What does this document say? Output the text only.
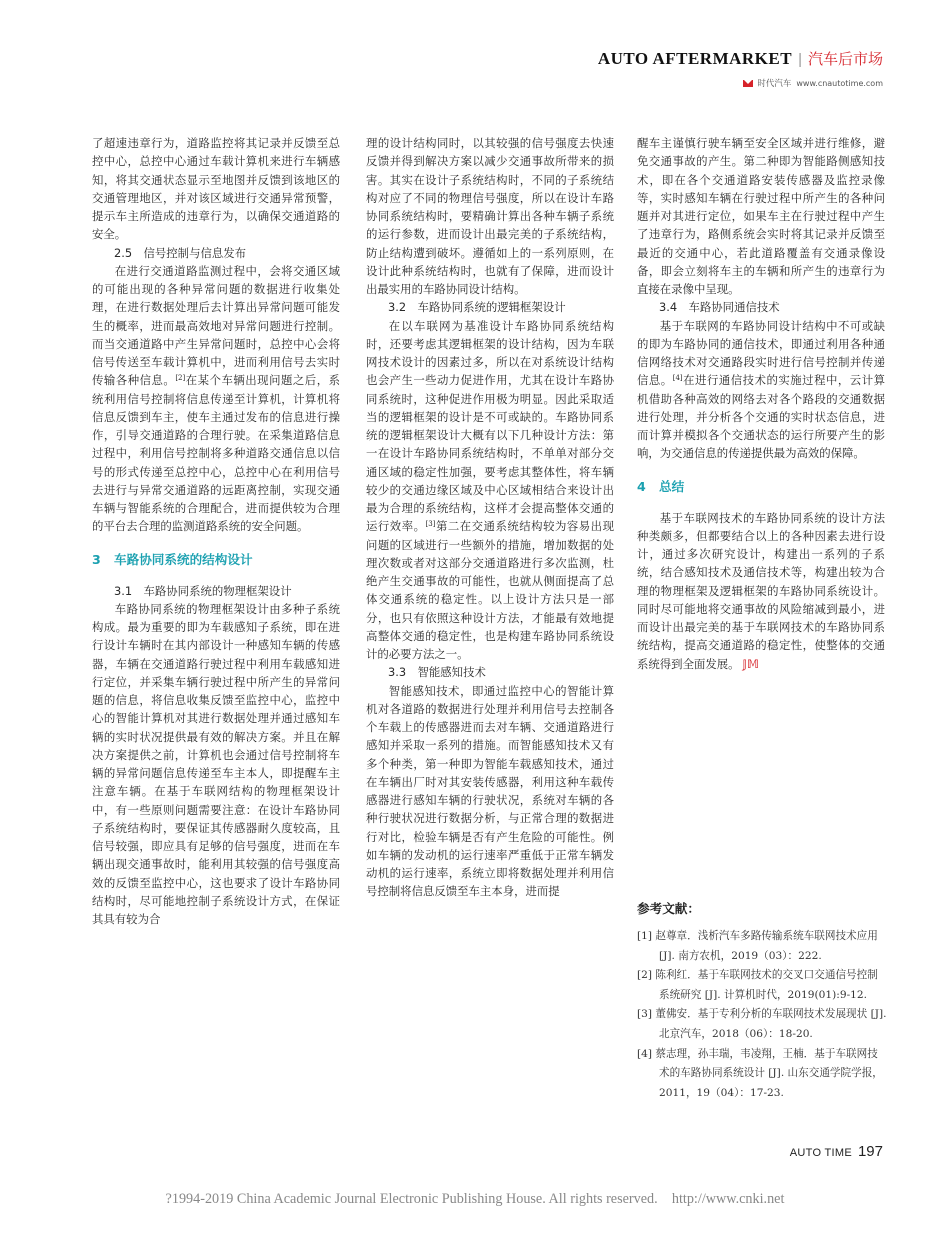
AUTO AFTERMARKET | 汽车后市场
时代汽车 www.cnautotime.com

了超速违章行为，道路监控将其记录并反馈至总控中心，总控中心通过车载计算机来进行车辆感知，将其交通状态显示至地图并反馈到该地区的交通管理地区，并对该区域进行交通异常预警，提示车主所造成的违章行为，以确保交通道路的安全。

2.5　信号控制与信息发布

在进行交通道路监测过程中，会将交通区域的可能出现的各种异常问题的数据进行收集处理，在进行数据处理后去计算出异常问题可能发生的概率，进而最高效地对异常问题进行控制。而当交通道路中产生异常问题时，总控中心会将信号传送至车载计算机中，进而利用信号去实时传输各种信息。[2]在某个车辆出现问题之后，系统利用信号控制将信息传递至计算机，计算机将信息反馈到车主，使车主通过发布的信息进行操作，引导交通道路的合理行驶。在采集道路信息过程中，利用信号控制将多种道路交通信息以信号的形式传递至总控中心，总控中心在利用信号去进行与异常交通道路的远距离控制，实现交通车辆与智能系统的合理配合，进而提供较为合理的平台去合理的监测道路系统的安全问题。

3 车路协同系统的结构设计
3.1　车路协同系统的物理框架设计

车路协同系统的物理框架设计由多种子系统构成。最为重要的即为车载感知子系统，即在进行设计车辆时在其内部设计一种感知车辆的传感器，车辆在交通道路行驶过程中利用车载感知进行定位，并采集车辆行驶过程中所产生的异常问题的信息，将信息收集反馈至监控中心，监控中心的智能计算机对其进行数据处理并通过感知车辆的实时状况提供最有效的解决方案。并且在解决方案提供之前，计算机也会通过信号控制将车辆的异常问题信息传递至车主本人，即提醒车主注意车辆。在基于车联网结构的物理框架设计中，有一些原则问题需要注意：在设计车路协同子系统结构时，要保证其传感器耐久度较高，且信号较强，即应具有足够的信号强度，进而在车辆出现交通事故时，能利用其较强的信号强度高效的反馈至监控中心，这也要求了设计车路协同结构时，尽可能地控制子系统设计方式，在保证其具有较为合

理的设计结构同时，以其较强的信号强度去快速反馈并得到解决方案以减少交通事故所带来的损害。其实在设计子系统结构时，不同的子系统结构对应了不同的物理信号强度，所以在设计车路协同系统结构时，要精确计算出各种车辆子系统的运行参数，进而设计出最完美的子系统结构，防止结构遭到破坏。遵循如上的一系列原则，在设计此种系统结构时，也就有了保障，进而设计出最实用的车路协同设计结构。

3.2　车路协同系统的逻辑框架设计

在以车联网为基准设计车路协同系统结构时，还要考虑其逻辑框架的设计结构，因为车联网技术设计的因素过多，所以在对系统设计结构也会产生一些动力促进作用，尤其在设计车路协同系统时，这种促进作用极为明显。因此采取适当的逻辑框架的设计是不可或缺的。车路协同系统的逻辑框架设计大概有以下几种设计方法：第一在设计车路协同系统结构时，不单单对部分交通区域的稳定性加强，要考虑其整体性，将车辆较少的交通边缘区域及中心区域相结合来设计出最为合理的系统结构，这样才会提高整体交通的运行效率。[3]第二在交通系统结构较为容易出现问题的区域进行一些额外的措施，增加数据的处理次数或者对这部分交通道路进行多次监测，杜绝产生交通事故的可能性，也就从侧面提高了总体交通系统的稳定性。以上设计方法只是一部分，也只有依照这种设计方法，才能最有效地提高整体交通的稳定性，也是构建车路协同系统设计的必要方法之一。

3.3　智能感知技术

智能感知技术，即通过监控中心的智能计算机对各道路的数据进行处理并利用信号去控制各个车载上的传感器进而去对车辆、交通道路进行感知并采取一系列的措施。而智能感知技术又有多个种类，第一种即为智能车载感知技术，通过在车辆出厂时对其安装传感器，利用这种车载传感器进行感知车辆的行驶状况，系统对车辆的各种行驶状况进行数据分析，与正常合理的数据进行对比，检验车辆是否有产生危险的可能性。例如车辆的发动机的运行速率严重低于正常车辆发动机的运行速率，系统立即将数据处理并利用信号控制将信息反馈至车主本身，进而提

醒车主谨慎行驶车辆至安全区域并进行维修，避免交通事故的产生。第二种即为智能路侧感知技术，即在各个交通道路安装传感器及监控录像等，实时感知车辆在行驶过程中所产生的各种问题并对其进行定位，如果车主在行驶过程中产生了违章行为，路侧系统会实时将其记录并反馈至最近的交通中心，若此道路覆盖有交通录像设备，即会立刻将车主的车辆和所产生的违章行为直接在录像中呈现。

3.4　车路协同通信技术

基于车联网的车路协同设计结构中不可或缺的即为车路协同的通信技术，即通过利用各种通信网络技术对交通路段实时进行信号控制并传递信息。[4]在进行通信技术的实施过程中，云计算机借助各种高效的网络去对各个路段的交通数据进行处理，并分析各个交通的实时状态信息，进而计算并模拟各个交通状态的运行所要产生的影响，为交通信息的传递提供最为高效的保障。

4 总结

基于车联网技术的车路协同系统的设计方法种类颇多，但都要结合以上的各种因素去进行设计，通过多次研究设计，构建出一系列的子系统，结合感知技术及通信技术等，构建出较为合理的物理框架及逻辑框架的车路协同系统设计。同时尽可能地将交通事故的风险缩减到最小，进而设计出最完美的基于车联网技术的车路协同系统结构，提高交通道路的稳定性，使整体的交通系统得到全面发展。 𝕁𝕄

参考文献：
[1] 赵尊章．浅析汽车多路传输系统车联网技术应用 [J]. 南方农机，2019（03）：222.
[2] 陈利红．基于车联网技术的交叉口交通信号控制系统研究 [J]. 计算机时代，2019(01):9-12.
[3] 董佛安．基于专利分析的车联网技术发展现状 [J]. 北京汽车，2018（06）：18-20.
[4] 蔡志理，孙丰瑞，韦凌翔，王楠．基于车联网技术的车路协同系统设计 [J]. 山东交通学院学报，2011，19（04）：17-23.
AUTO TIME 197
?1994-2019 China Academic Journal Electronic Publishing House. All rights reserved.　http://www.cnki.net
